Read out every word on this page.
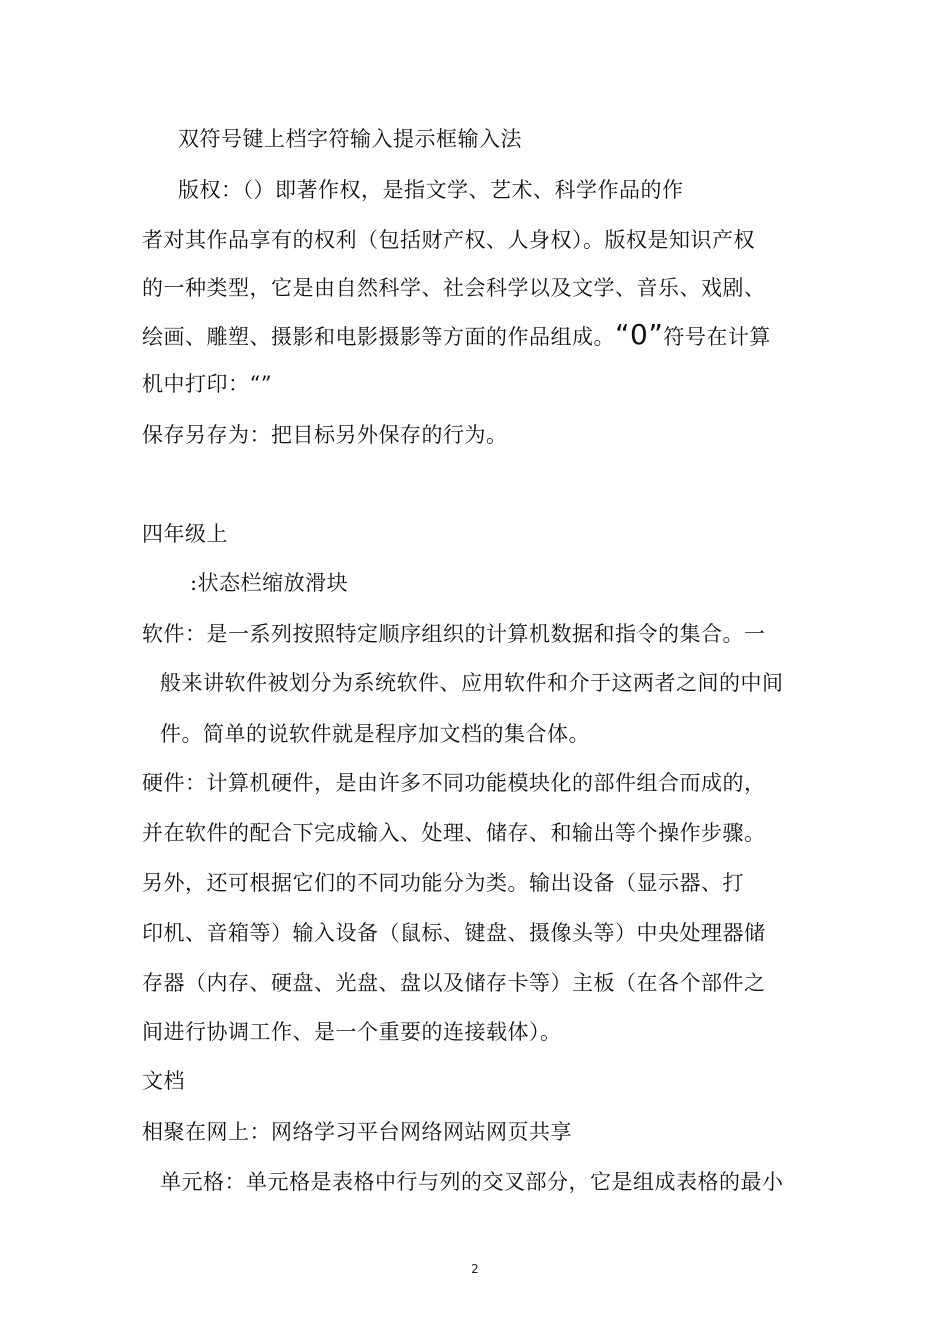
双符号键上档字符输入提示框输入法
版权：（）即著作权，是指文学、艺术、科学作品的作
者对其作品享有的权利（包括财产权、人身权）。版权是知识产权
的一种类型，它是由自然科学、社会科学以及文学、音乐、戏剧、
绘画、雕塑、摄影和电影摄影等方面的作品组成。“0”符号在计算
机中打印：“”
保存另存为：把目标另外保存的行为。
四年级上
:状态栏缩放滑块
软件：是一系列按照特定顺序组织的计算机数据和指令的集合。一
般来讲软件被划分为系统软件、应用软件和介于这两者之间的中间
件。简单的说软件就是程序加文档的集合体。
硬件：计算机硬件，是由许多不同功能模块化的部件组合而成的，
并在软件的配合下完成输入、处理、储存、和输出等个操作步骤。
另外，还可根据它们的不同功能分为类。输出设备（显示器、打
印机、音箱等）输入设备（鼠标、键盘、摄像头等）中央处理器储
存器（内存、硬盘、光盘、盘以及储存卡等）主板（在各个部件之
间进行协调工作、是一个重要的连接载体）。
文档
相聚在网上：网络学习平台网络网站网页共享
单元格：单元格是表格中行与列的交叉部分，它是组成表格的最小
2
